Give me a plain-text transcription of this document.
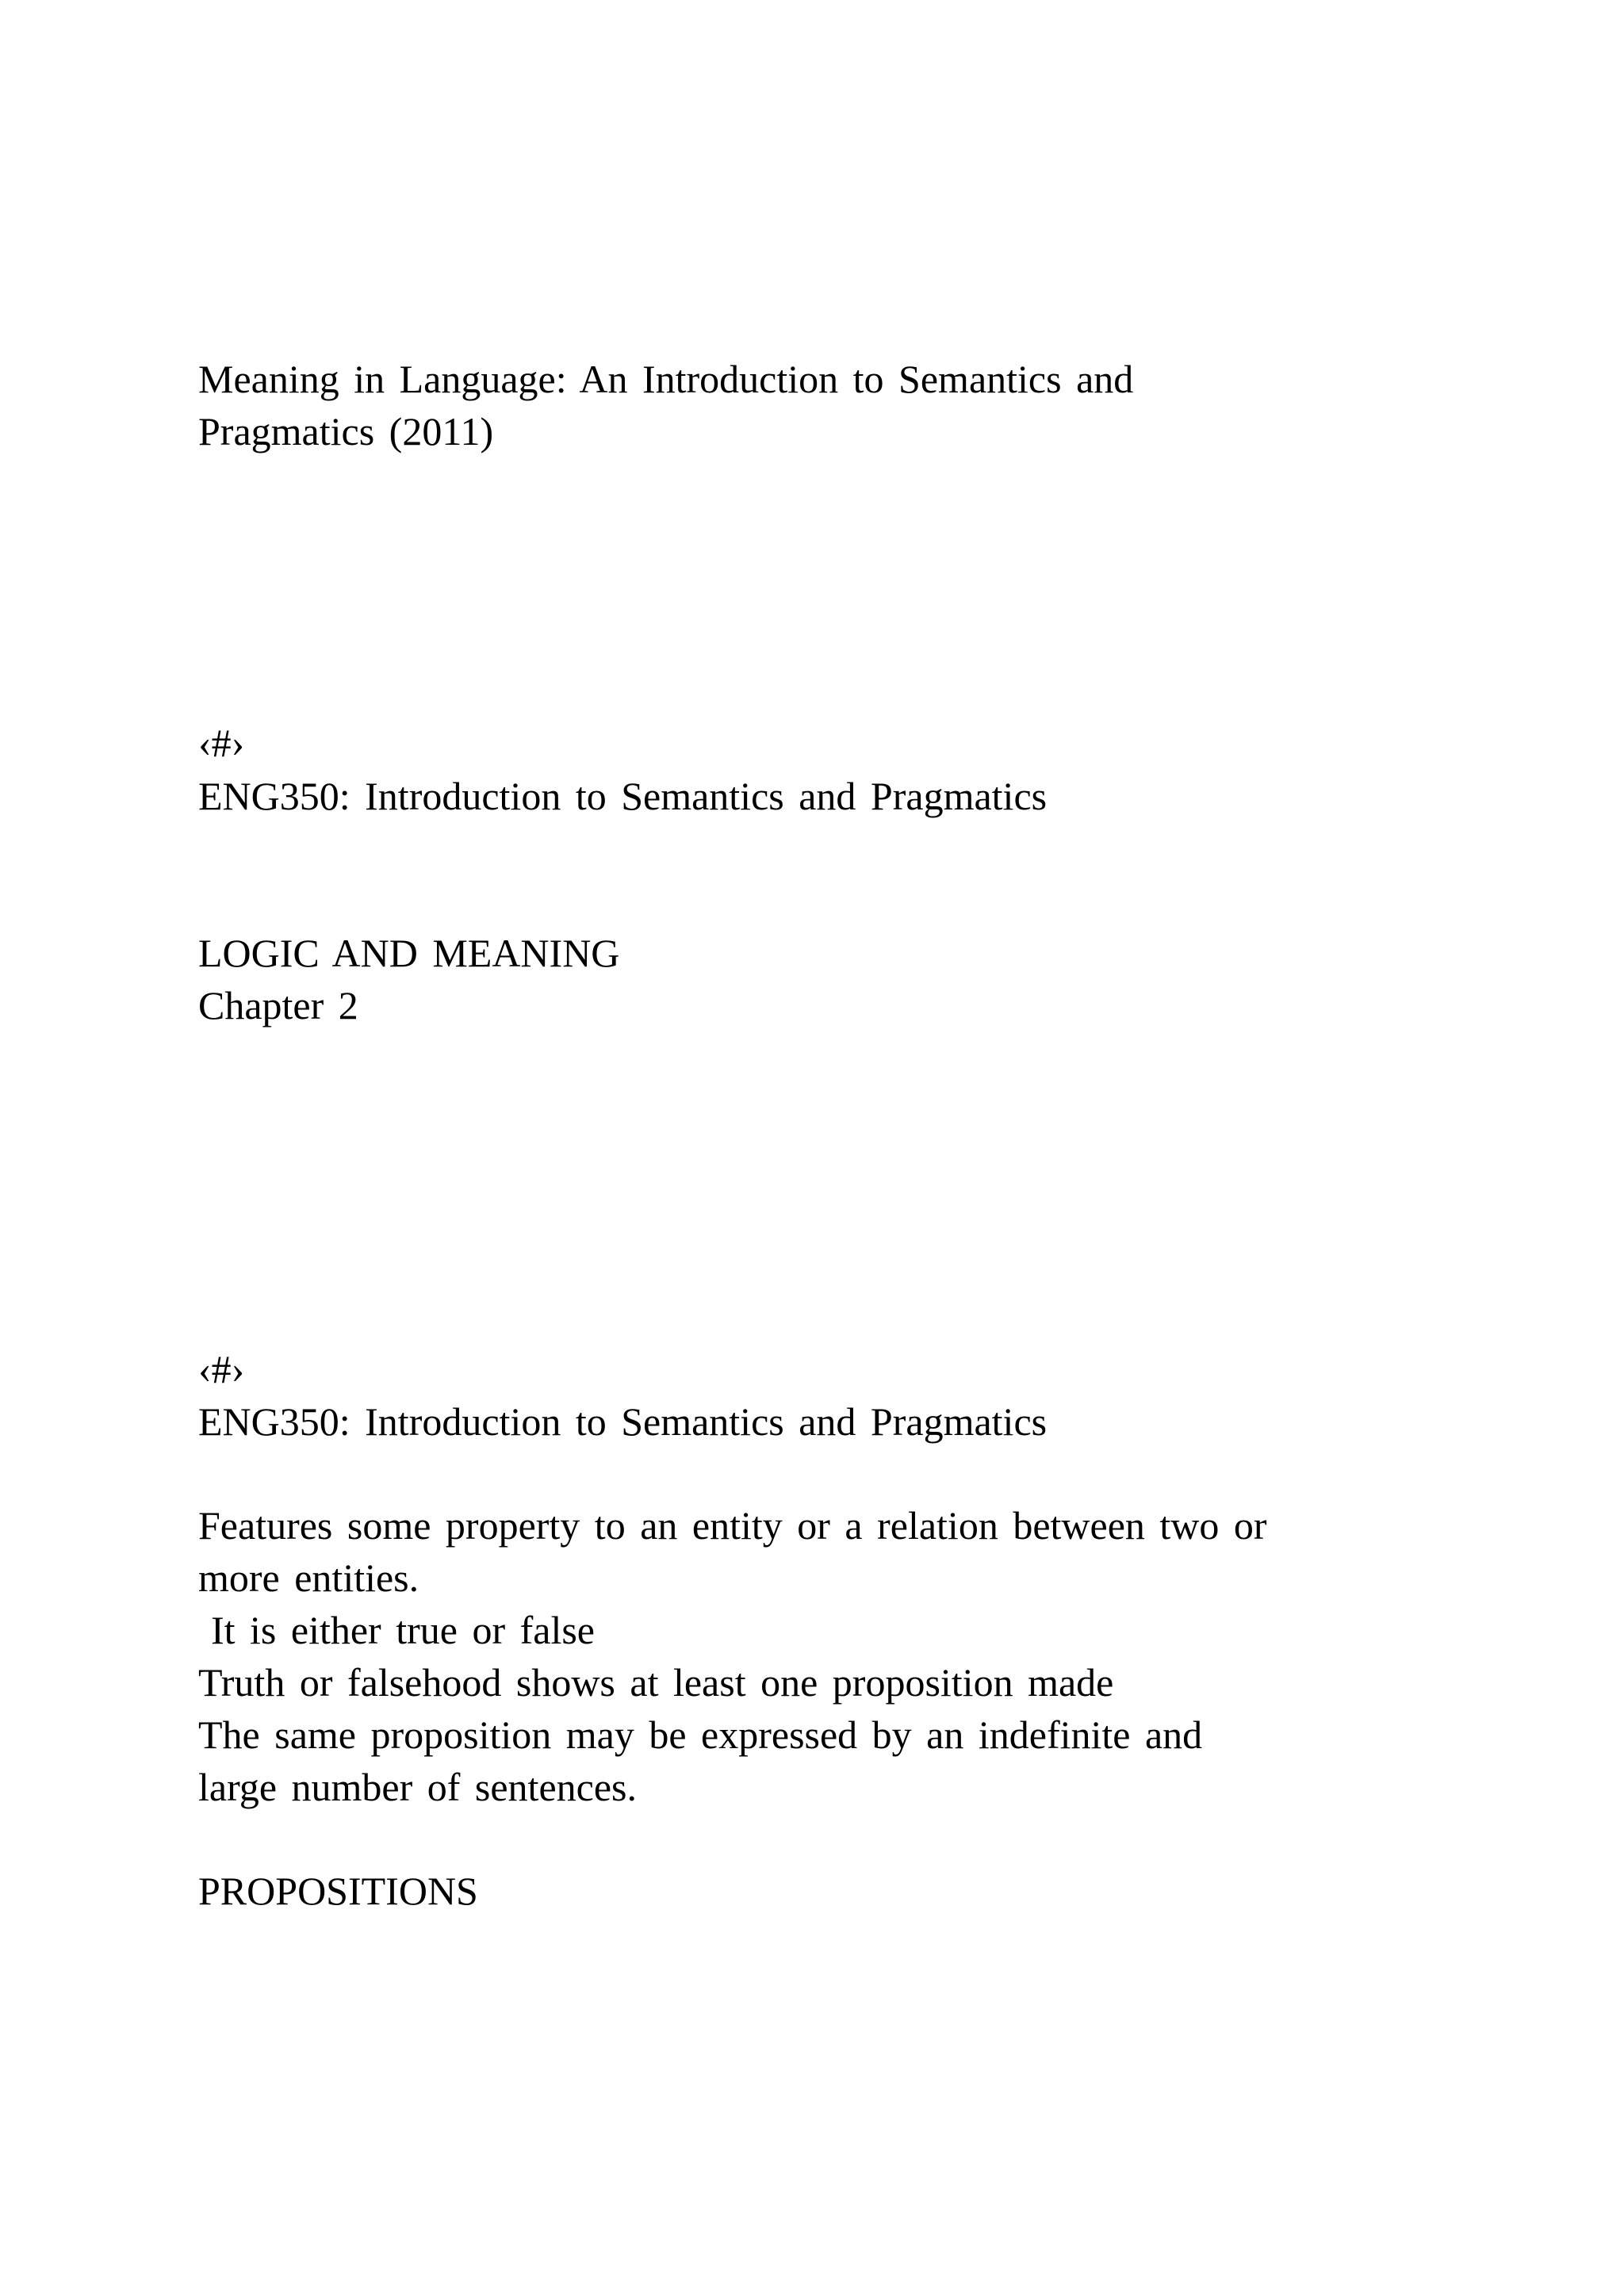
Meaning in Language: An Introduction to Semantics and

Pragmatics (2011)

‹#›

ENG350: Introduction to Semantics and Pragmatics

LOGIC AND MEANING

Chapter 2

‹#›

ENG350: Introduction to Semantics and Pragmatics

Features some property to an entity or a relation between two or

more entities.

It is either true or false

Truth or falsehood shows at least one proposition made

The same proposition may be expressed by an indefinite and

large number of sentences.

PROPOSITIONS
